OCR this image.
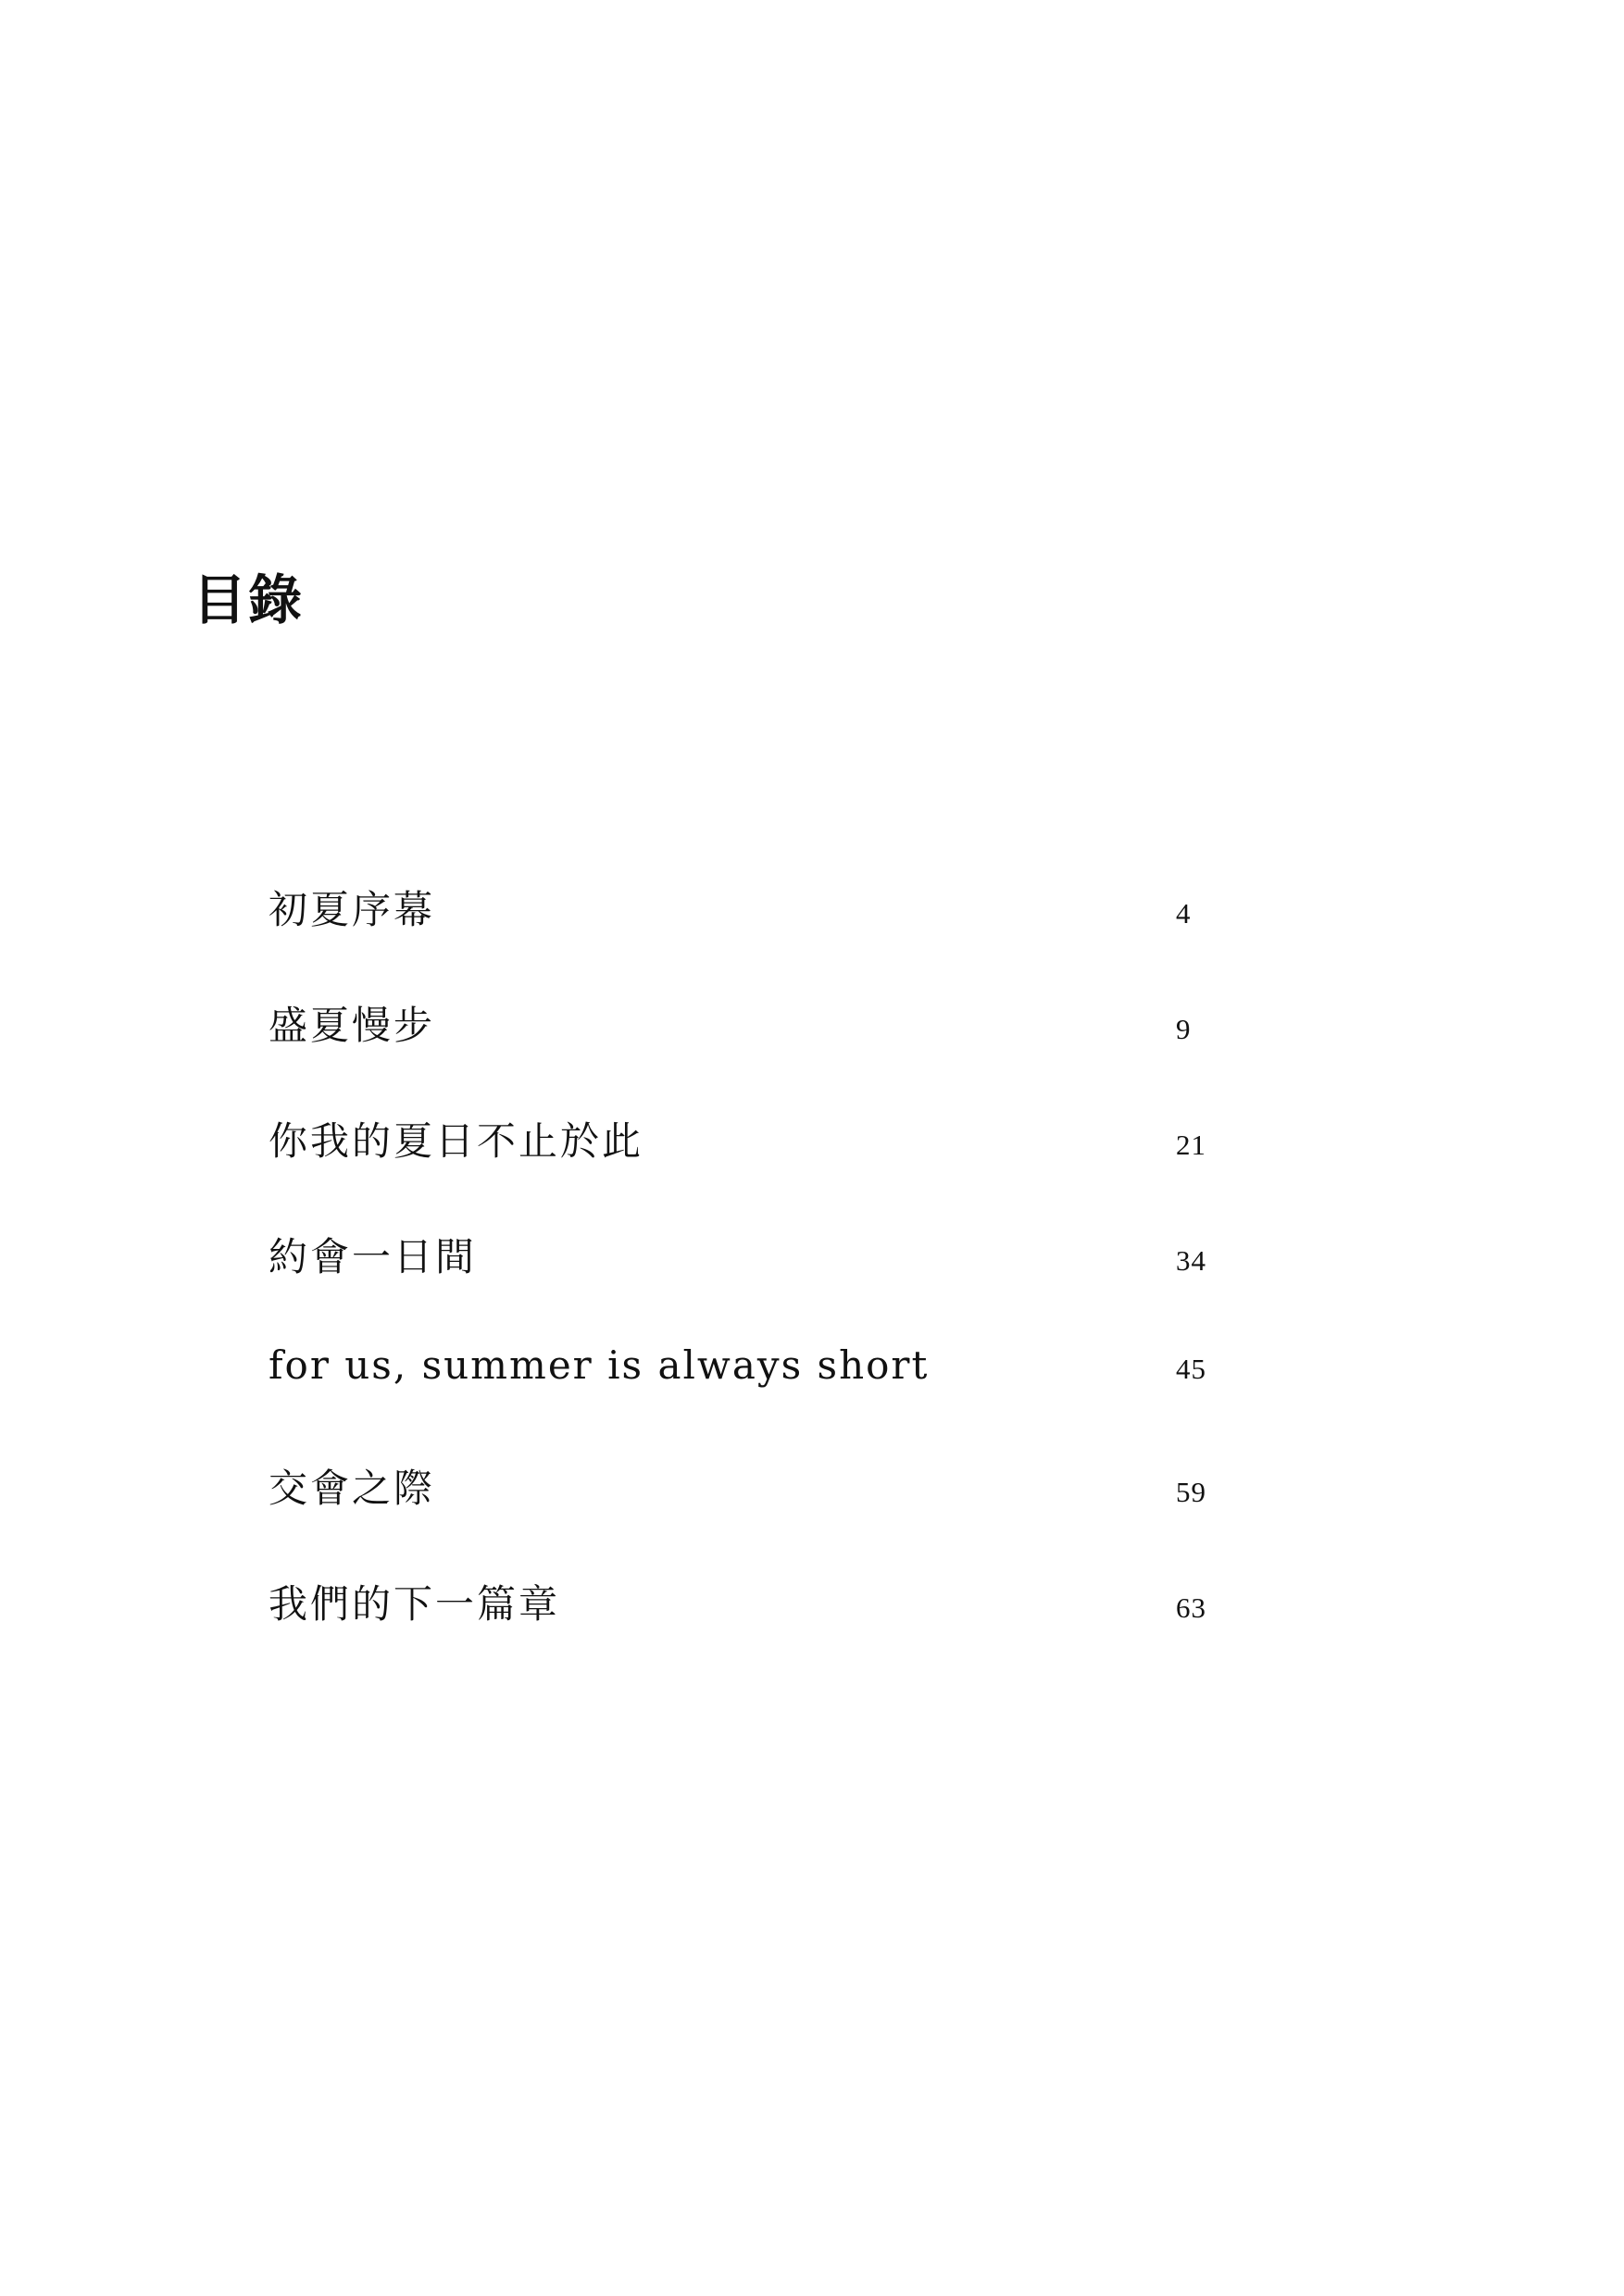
目錄
初夏序幕	4
盛夏慢步	9
你我的夏日不止於此	21
約會一日間	34
for us, summer is always short	45
交會之際	59
我們的下一篇章	63
